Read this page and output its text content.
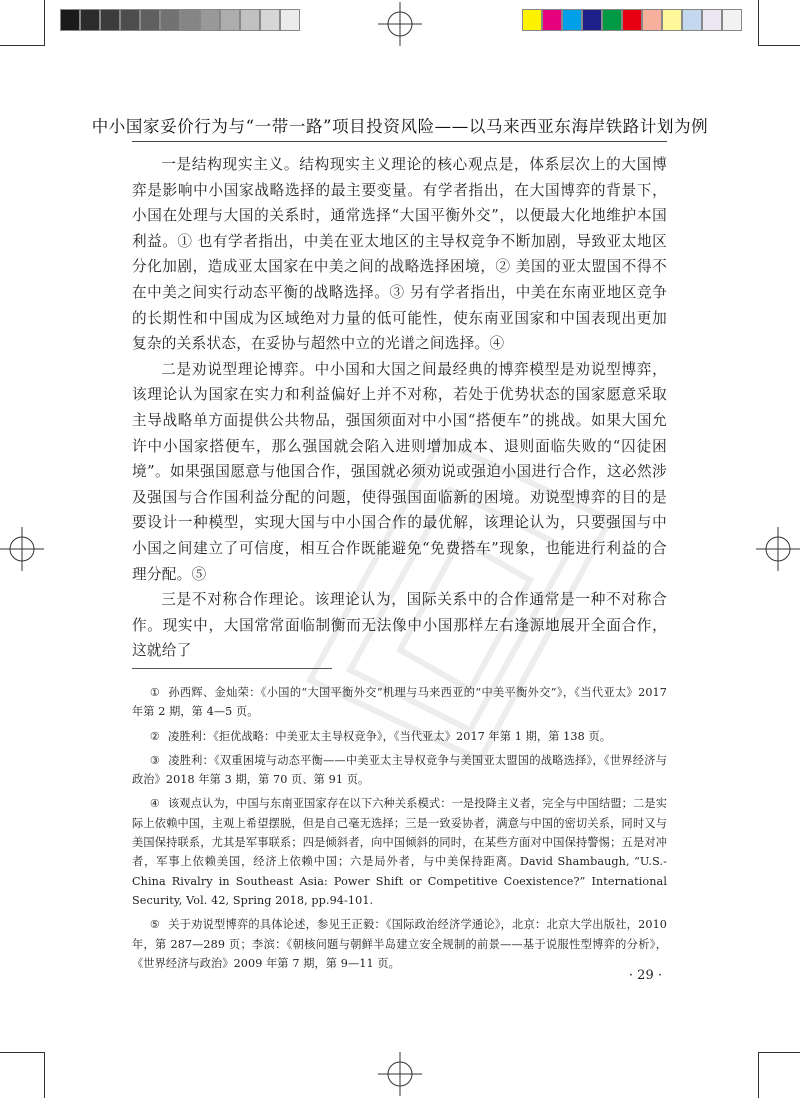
中小国家妥价行为与“一带一路”项目投资风险——以马来西亚东海岸铁路计划为例

一是结构现实主义。结构现实主义理论的核心观点是，体系层次上的大国博弈是影响中小国家战略选择的最主要变量。有学者指出，在大国博弈的背景下，小国在处理与大国的关系时，通常选择“大国平衡外交”，以便最大化地维护本国利益。① 也有学者指出，中美在亚太地区的主导权竞争不断加剧，导致亚太地区分化加剧，造成亚太国家在中美之间的战略选择困境，② 美国的亚太盟国不得不在中美之间实行动态平衡的战略选择。③ 另有学者指出，中美在东南亚地区竞争的长期性和中国成为区域绝对力量的低可能性，使东南亚国家和中国表现出更加复杂的关系状态，在妥协与超然中立的光谱之间选择。④

二是劝说型理论博弈。中小国和大国之间最经典的博弈模型是劝说型博弈，该理论认为国家在实力和利益偏好上并不对称，若处于优势状态的国家愿意采取主导战略单方面提供公共物品，强国须面对中小国“搭便车”的挑战。如果大国允许中小国家搭便车，那么强国就会陷入进则增加成本、退则面临失败的“囚徒困境”。如果强国愿意与他国合作，强国就必须劝说或强迫小国进行合作，这必然涉及强国与合作国利益分配的问题，使得强国面临新的困境。劝说型博弈的目的是要设计一种模型，实现大国与中小国合作的最优解，该理论认为，只要强国与中小国之间建立了可信度，相互合作既能避免“免费搭车”现象，也能进行利益的合理分配。⑤

三是不对称合作理论。该理论认为，国际关系中的合作通常是一种不对称合作。现实中，大国常常面临制衡而无法像中小国那样左右逢源地展开全面合作，这就给了

① 孙西辉、金灿荣：《小国的“大国平衡外交”机理与马来西亚的“中美平衡外交”》，《当代亚太》2017 年第 2 期，第 4—5 页。

② 凌胜利：《拒优战略：中美亚太主导权竞争》，《当代亚太》2017 年第 1 期，第 138 页。

③ 凌胜利：《双重困境与动态平衡——中美亚太主导权竞争与美国亚太盟国的战略选择》，《世界经济与政治》2018 年第 3 期，第 70 页、第 91 页。

④ 该观点认为，中国与东南亚国家存在以下六种关系模式：一是投降主义者，完全与中国结盟；二是实际上依赖中国，主观上希望摆脱，但是自己毫无选择；三是一致妥协者，满意与中国的密切关系，同时又与美国保持联系，尤其是军事联系；四是倾斜者，向中国倾斜的同时，在某些方面对中国保持警惕；五是对冲者，军事上依赖美国，经济上依赖中国；六是局外者，与中美保持距离。David Shambaugh, “U.S.-China Rivalry in Southeast Asia: Power Shift or Competitive Coexistence?” International Security, Vol. 42, Spring 2018, pp.94-101.

⑤ 关于劝说型博弈的具体论述，参见王正毅：《国际政治经济学通论》，北京：北京大学出版社，2010 年，第 287—289 页；李滨：《朝核问题与朝鲜半岛建立安全规制的前景——基于说服性型博弈的分析》，《世界经济与政治》2009 年第 7 期，第 9—11 页。

· 29 ·
